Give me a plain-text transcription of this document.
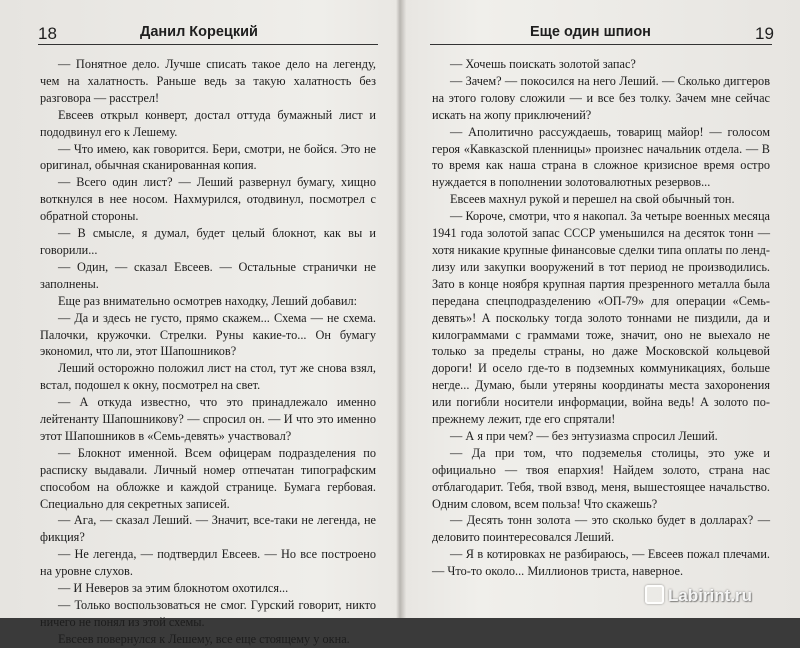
18	Данил Корецкий

— Понятное дело. Лучше списать такое дело на легенду, чем на халатность. Раньше ведь за такую халатность без разговора — расстрел!

Евсеев открыл конверт, достал оттуда бумажный лист и пододвинул его к Лешему.

— Что имею, как говорится. Бери, смотри, не бойся. Это не оригинал, обычная сканированная копия.

— Всего один лист? — Леший развернул бумагу, хищно воткнулся в нее носом. Нахмурился, отодвинул, посмотрел с обратной стороны.

— В смысле, я думал, будет целый блокнот, как вы и говорили...

— Один, — сказал Евсеев. — Остальные странички не заполнены.

Еще раз внимательно осмотрев находку, Леший добавил:

— Да и здесь не густо, прямо скажем... Схема — не схема. Палочки, кружочки. Стрелки. Руны какие-то... Он бумагу экономил, что ли, этот Шапошников?

Леший осторожно положил лист на стол, тут же снова взял, встал, подошел к окну, посмотрел на свет.

— А откуда известно, что это принадлежало именно лейтенанту Шапошникову? — спросил он. — И что это именно этот Шапошников в «Семь-девять» участвовал?

— Блокнот именной. Всем офицерам подразделения по расписку выдавали. Личный номер отпечатан типографским способом на обложке и каждой странице. Бумага гербовая. Специально для секретных записей.

— Ага, — сказал Леший. — Значит, все-таки не легенда, не фикция?

— Не легенда, — подтвердил Евсеев. — Но все построено на уровне слухов.

— И Неверов за этим блокнотом охотился...

— Только воспользоваться не смог. Гурский говорит, никто ничего не понял из этой схемы.

Евсеев повернулся к Лешему, все еще стоящему у окна.

Еще один шпион	19

— Хочешь поискать золотой запас?

— Зачем? — покосился на него Леший. — Сколько диггеров на этого голову сложили — и все без толку. Зачем мне сейчас искать на жопу приключений?

— Аполитично рассуждаешь, товарищ майор! — голосом героя «Кавказской пленницы» произнес начальник отдела. — В то время как наша страна в сложное кризисное время остро нуждается в пополнении золотовалютных резервов...

Евсеев махнул рукой и перешел на свой обычный тон.

— Короче, смотри, что я накопал. За четыре военных месяца 1941 года золотой запас СССР уменьшился на десяток тонн — хотя никакие крупные финансовые сделки типа оплаты по ленд-лизу или закупки вооружений в тот период не производились. Зато в конце ноября крупная партия презренного металла была передана спецподразделению «ОП-79» для операции «Семь-девять»! А поскольку тогда золото тоннами не пиздили, да и килограммами с граммами тоже, значит, оно не выехало не только за пределы страны, но даже Московской кольцевой дороги! И осело где-то в подземных коммуникациях, больше негде... Думаю, были утеряны координаты места захоронения или погибли носители информации, война ведь! А золото по-прежнему лежит, где его спрятали!

— А я при чем? — без энтузиазма спросил Леший.

— Да при том, что подземелья столицы, это уже и официально — твоя епархия! Найдем золото, страна нас отблагодарит. Тебя, твой взвод, меня, вышестоящее начальство. Одним словом, всем польза! Что скажешь?

— Десять тонн золота — это сколько будет в долларах? — деловито поинтересовался Леший.

— Я в котировках не разбираюсь, — Евсеев пожал плечами. — Что-то около... Миллионов триста, наверное.

Labirint.ru
